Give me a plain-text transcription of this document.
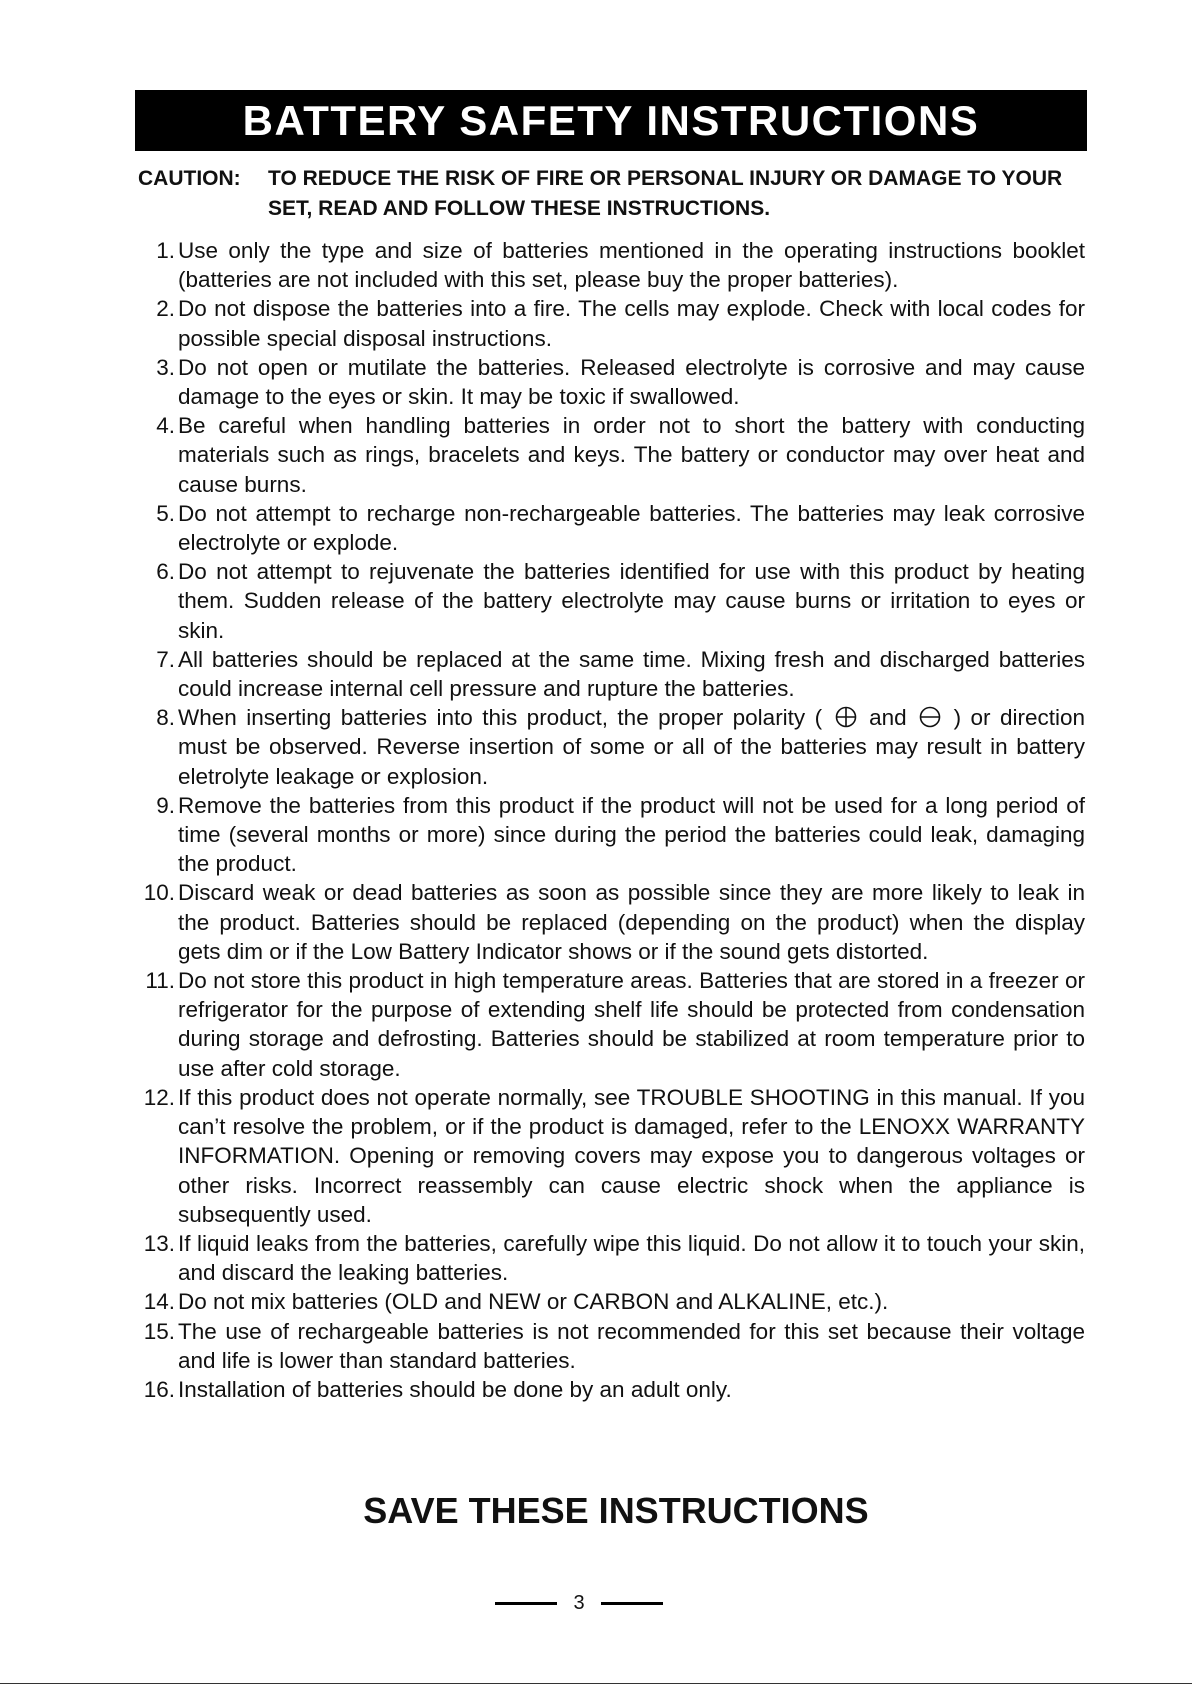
BATTERY SAFETY INSTRUCTIONS
CAUTION: TO REDUCE THE RISK OF FIRE OR PERSONAL INJURY OR DAMAGE TO YOUR SET, READ AND FOLLOW THESE INSTRUCTIONS.
1. Use only the type and size of batteries mentioned in the operating instructions booklet (batteries are not included with this set, please buy the proper batteries).
2. Do not dispose the batteries into a fire. The cells may explode. Check with local codes for possible special disposal instructions.
3. Do not open or mutilate the batteries. Released electrolyte is corrosive and may cause damage to the eyes or skin. It may be toxic if swallowed.
4. Be careful when handling batteries in order not to short the battery with conducting materials such as rings, bracelets and keys. The battery or conductor may over heat and cause burns.
5. Do not attempt to recharge non-rechargeable batteries. The batteries may leak corrosive electrolyte or explode.
6. Do not attempt to rejuvenate the batteries identified for use with this product by heating them. Sudden release of the battery electrolyte may cause burns or irritation to eyes or skin.
7. All batteries should be replaced at the same time. Mixing fresh and discharged batteries could increase internal cell pressure and rupture the batteries.
8. When inserting batteries into this product, the proper polarity ( and ) or direction must be observed. Reverse insertion of some or all of the batteries may result in battery eletrolyte leakage or explosion.
9. Remove the batteries from this product if the product will not be used for a long period of time (several months or more) since during the period the batteries could leak, damaging the product.
10. Discard weak or dead batteries as soon as possible since they are more likely to leak in the product. Batteries should be replaced (depending on the product) when the display gets dim or if the Low Battery Indicator shows or if the sound gets distorted.
11. Do not store this product in high temperature areas. Batteries that are stored in a freezer or refrigerator for the purpose of extending shelf life should be protected from condensation during storage and defrosting. Batteries should be stabilized at room temperature prior to use after cold storage.
12. If this product does not operate normally, see TROUBLE SHOOTING in this manual. If you can’t resolve the problem, or if the product is damaged, refer to the LENOXX WARRANTY INFORMATION. Opening or removing covers may expose you to dangerous voltages or other risks. Incorrect reassembly can cause electric shock when the appliance is subsequently used.
13. If liquid leaks from the batteries, carefully wipe this liquid. Do not allow it to touch your skin, and discard the leaking batteries.
14. Do not mix batteries (OLD and NEW or CARBON and ALKALINE, etc.).
15. The use of rechargeable batteries is not recommended for this set because their voltage and life is lower than standard batteries.
16. Installation of batteries should be done by an adult only.
SAVE THESE INSTRUCTIONS
3
